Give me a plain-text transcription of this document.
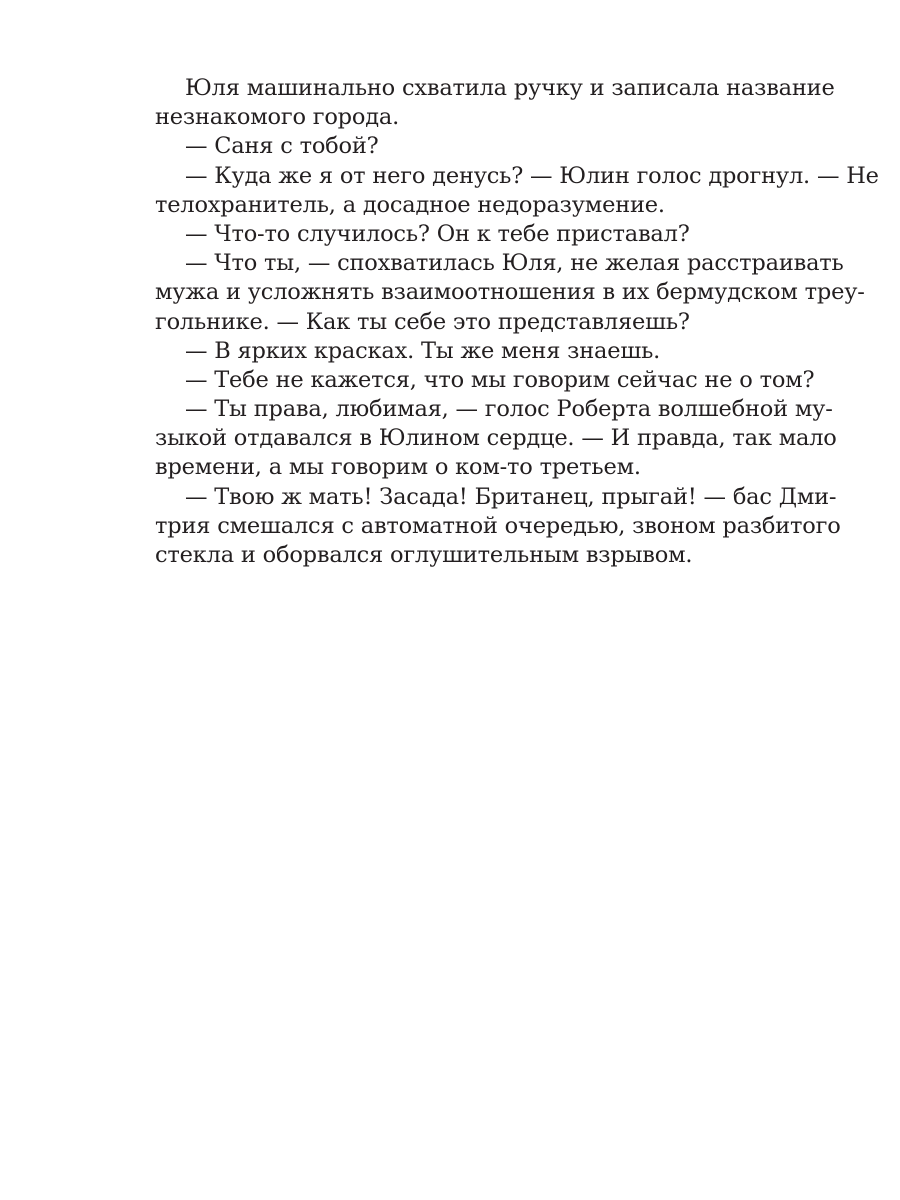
Юля машинально схватила ручку и записала название
незнакомого города.
— Саня с тобой?
— Куда же я от него денусь? — Юлин голос дрогнул. — Не
телохранитель, а досадное недоразумение.
— Что-то случилось? Он к тебе приставал?
— Что ты, — спохватилась Юля, не желая расстраивать
мужа и усложнять взаимоотношения в их бермудском треу-
гольнике. — Как ты себе это представляешь?
— В ярких красках. Ты же меня знаешь.
— Тебе не кажется, что мы говорим сейчас не о том?
— Ты права, любимая, — голос Роберта волшебной му-
зыкой отдавался в Юлином сердце. — И правда, так мало
времени, а мы говорим о ком-то третьем.
— Твою ж мать! Засада! Британец, прыгай! — бас Дми-
трия смешался с автоматной очередью, звоном разбитого
стекла и оборвался оглушительным взрывом.
